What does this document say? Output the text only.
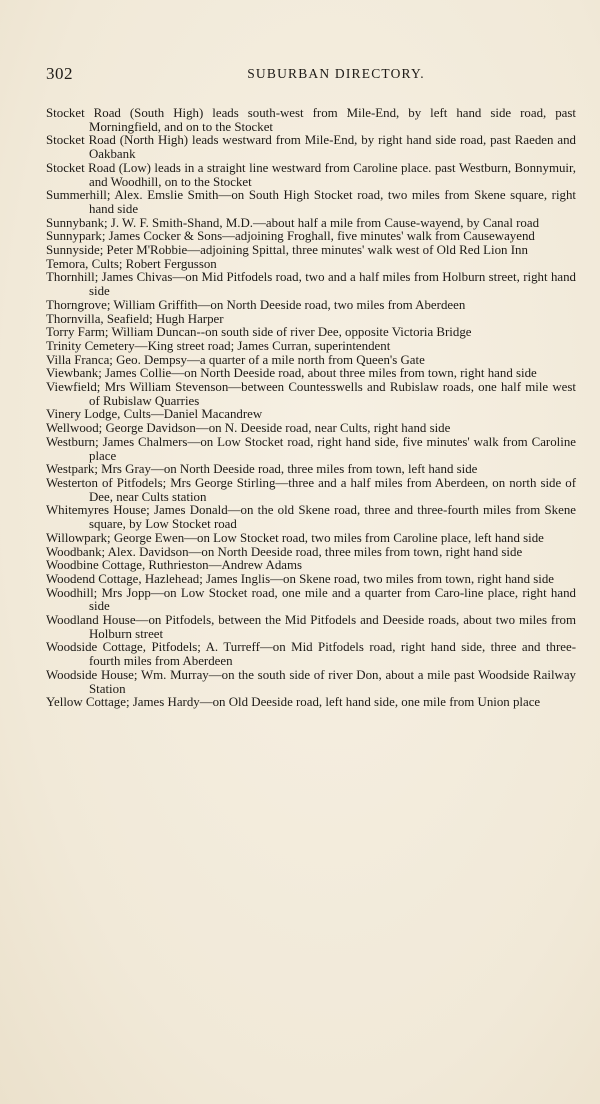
302	SUBURBAN DIRECTORY.

Stocket Road (South High) leads south-west from Mile-End, by left hand side road, past Morningfield, and on to the Stocket

Stocket Road (North High) leads westward from Mile-End, by right hand side road, past Raeden and Oakbank

Stocket Road (Low) leads in a straight line westward from Caroline place. past Westburn, Bonnymuir, and Woodhill, on to the Stocket

Summerhill; Alex. Emslie Smith—on South High Stocket road, two miles from Skene square, right hand side

Sunnybank; J. W. F. Smith-Shand, M.D.—about half a mile from Cause-wayend, by Canal road

Sunnypark; James Cocker & Sons—adjoining Froghall, five minutes' walk from Causewayend

Sunnyside; Peter M'Robbie—adjoining Spittal, three minutes' walk west of Old Red Lion Inn

Temora, Cults; Robert Fergusson

Thornhill; James Chivas—on Mid Pitfodels road, two and a half miles from Holburn street, right hand side

Thorngrove; William Griffith—on North Deeside road, two miles from Aberdeen

Thornvilla, Seafield; Hugh Harper

Torry Farm; William Duncan--on south side of river Dee, opposite Victoria Bridge

Trinity Cemetery—King street road; James Curran, superintendent

Villa Franca; Geo. Dempsy—a quarter of a mile north from Queen's Gate

Viewbank; James Collie—on North Deeside road, about three miles from town, right hand side

Viewfield; Mrs William Stevenson—between Countesswells and Rubislaw roads, one half mile west of Rubislaw Quarries

Vinery Lodge, Cults—Daniel Macandrew

Wellwood; George Davidson—on N. Deeside road, near Cults, right hand side

Westburn; James Chalmers—on Low Stocket road, right hand side, five minutes' walk from Caroline place

Westpark; Mrs Gray—on North Deeside road, three miles from town, left hand side

Westerton of Pitfodels; Mrs George Stirling—three and a half miles from Aberdeen, on north side of Dee, near Cults station

Whitemyres House; James Donald—on the old Skene road, three and three-fourth miles from Skene square, by Low Stocket road

Willowpark; George Ewen—on Low Stocket road, two miles from Caroline place, left hand side

Woodbank; Alex. Davidson—on North Deeside road, three miles from town, right hand side

Woodbine Cottage, Ruthrieston—Andrew Adams

Woodend Cottage, Hazlehead; James Inglis—on Skene road, two miles from town, right hand side

Woodhill; Mrs Jopp—on Low Stocket road, one mile and a quarter from Caro-line place, right hand side

Woodland House—on Pitfodels, between the Mid Pitfodels and Deeside roads, about two miles from Holburn street

Woodside Cottage, Pitfodels; A. Turreff—on Mid Pitfodels road, right hand side, three and three-fourth miles from Aberdeen

Woodside House; Wm. Murray—on the south side of river Don, about a mile past Woodside Railway Station

Yellow Cottage; James Hardy—on Old Deeside road, left hand side, one mile from Union place
